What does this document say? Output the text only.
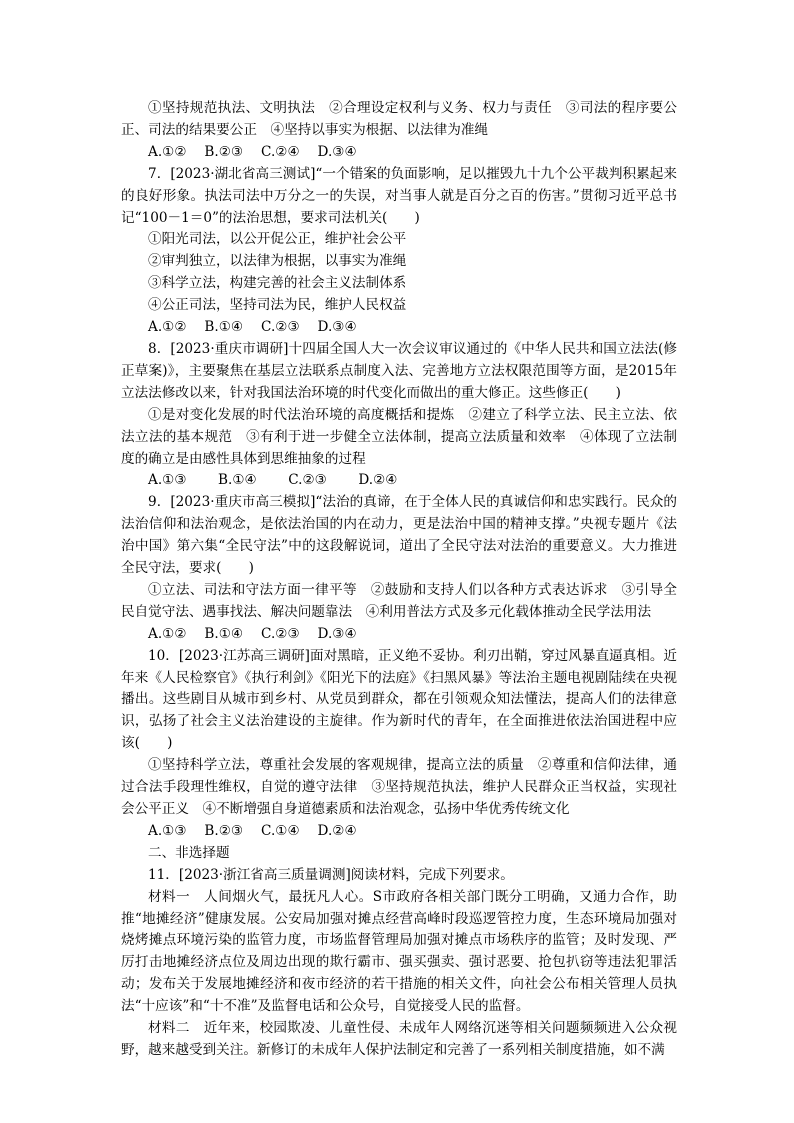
①坚持规范执法、文明执法　②合理设定权利与义务、权力与责任　③司法的程序要公正、司法的结果要公正　④坚持以事实为根据、以法律为准绳

A.①②　 B.②③　 C.②④　 D.③④

7．[2023·湖北省高三测试]“一个错案的负面影响，足以摧毁九十九个公平裁判积累起来的良好形象。执法司法中万分之一的失误，对当事人就是百分之百的伤害。”贯彻习近平总书记“100－1＝0”的法治思想，要求司法机关(　　)

①阳光司法，以公开促公正，维护社会公平

②审判独立，以法律为根据，以事实为准绳

③科学立法，构建完善的社会主义法制体系

④公正司法，坚持司法为民，维护人民权益

A.①②　 B.①④　 C.②③　 D.③④

8．[2023·重庆市调研]十四届全国人大一次会议审议通过的《中华人民共和国立法法(修正草案)》，主要聚焦在基层立法联系点制度入法、完善地方立法权限范围等方面，是2015年立法法修改以来，针对我国法治环境的时代变化而做出的重大修正。这些修正(　　)

①是对变化发展的时代法治环境的高度概括和提炼　②建立了科学立法、民主立法、依法立法的基本规范　③有利于进一步健全立法体制，提高立法质量和效率　④体现了立法制度的确立是由感性具体到思维抽象的过程

A.①③　　 B.①④　　 C.②③　　 D.②④

9．[2023·重庆市高三模拟]“法治的真谛，在于全体人民的真诚信仰和忠实践行。民众的法治信仰和法治观念，是依法治国的内在动力，更是法治中国的精神支撑。”央视专题片《法治中国》第六集“全民守法”中的这段解说词，道出了全民守法对法治的重要意义。大力推进全民守法，要求(　　)

①立法、司法和守法方面一律平等　②鼓励和支持人们以各种方式表达诉求　③引导全民自觉守法、遇事找法、解决问题靠法　④利用普法方式及多元化载体推动全民学法用法

A.①②　 B.①④　 C.②③　 D.③④

10．[2023·江苏高三调研]面对黑暗，正义绝不妥协。利刃出鞘，穿过风暴直逼真相。近年来《人民检察官》《执行利剑》《阳光下的法庭》《扫黑风暴》等法治主题电视剧陆续在央视播出。这些剧目从城市到乡村、从党员到群众，都在引领观众知法懂法，提高人们的法律意识，弘扬了社会主义法治建设的主旋律。作为新时代的青年，在全面推进依法治国进程中应该(　　)

①坚持科学立法，尊重社会发展的客观规律，提高立法的质量　②尊重和信仰法律，通过合法手段理性维权，自觉的遵守法律　③坚持规范执法，维护人民群众正当权益，实现社会公平正义　④不断增强自身道德素质和法治观念，弘扬中华优秀传统文化

A.①③　 B.②③　 C.①④　 D.②④

二、非选择题

11．[2023·浙江省高三质量调测]阅读材料，完成下列要求。

材料一　人间烟火气，最抚凡人心。S市政府各相关部门既分工明确，又通力合作，助推“地摊经济”健康发展。公安局加强对摊点经营高峰时段巡逻管控力度，生态环境局加强对烧烤摊点环境污染的监管力度，市场监督管理局加强对摊点市场秩序的监管；及时发现、严厉打击地摊经济点位及周边出现的欺行霸市、强买强卖、强讨恶要、抢包扒窃等违法犯罪活动；发布关于发展地摊经济和夜市经济的若干措施的相关文件，向社会公布相关管理人员执法“十应该”和“十不准”及监督电话和公众号，自觉接受人民的监督。

材料二　近年来，校园欺凌、儿童性侵、未成年人网络沉迷等相关问题频频进入公众视野，越来越受到关注。新修订的未成年人保护法制定和完善了一系列相关制度措施，如不满
